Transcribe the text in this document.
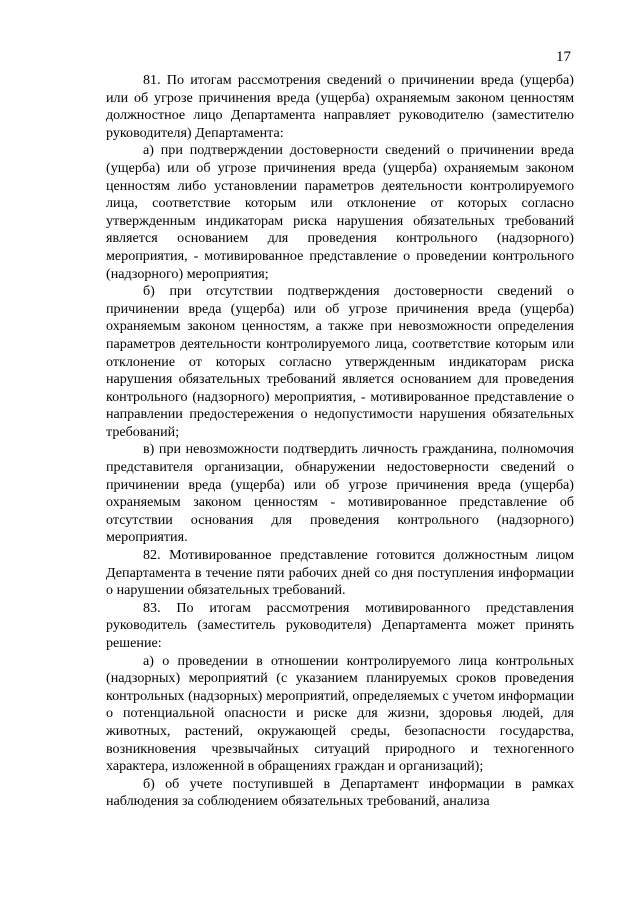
17

81. По итогам рассмотрения сведений о причинении вреда (ущерба) или об угрозе причинения вреда (ущерба) охраняемым законом ценностям должностное лицо Департамента направляет руководителю (заместителю руководителя) Департамента:

а) при подтверждении достоверности сведений о причинении вреда (ущерба) или об угрозе причинения вреда (ущерба) охраняемым законом ценностям либо установлении параметров деятельности контролируемого лица, соответствие которым или отклонение от которых согласно утвержденным индикаторам риска нарушения обязательных требований является основанием для проведения контрольного (надзорного) мероприятия, - мотивированное представление о проведении контрольного (надзорного) мероприятия;

б) при отсутствии подтверждения достоверности сведений о причинении вреда (ущерба) или об угрозе причинения вреда (ущерба) охраняемым законом ценностям, а также при невозможности определения параметров деятельности контролируемого лица, соответствие которым или отклонение от которых согласно утвержденным индикаторам риска нарушения обязательных требований является основанием для проведения контрольного (надзорного) мероприятия, - мотивированное представление о направлении предостережения о недопустимости нарушения обязательных требований;

в) при невозможности подтвердить личность гражданина, полномочия представителя организации, обнаружении недостоверности сведений о причинении вреда (ущерба) или об угрозе причинения вреда (ущерба) охраняемым законом ценностям - мотивированное представление об отсутствии основания для проведения контрольного (надзорного) мероприятия.

82. Мотивированное представление готовится должностным лицом Департамента в течение пяти рабочих дней со дня поступления информации о нарушении обязательных требований.

83. По итогам рассмотрения мотивированного представления руководитель (заместитель руководителя) Департамента может принять решение:

а) о проведении в отношении контролируемого лица контрольных (надзорных) мероприятий (с указанием планируемых сроков проведения контрольных (надзорных) мероприятий, определяемых с учетом информации о потенциальной опасности и риске для жизни, здоровья людей, для животных, растений, окружающей среды, безопасности государства, возникновения чрезвычайных ситуаций природного и техногенного характера, изложенной в обращениях граждан и организаций);

б) об учете поступившей в Департамент информации в рамках наблюдения за соблюдением обязательных требований, анализа
